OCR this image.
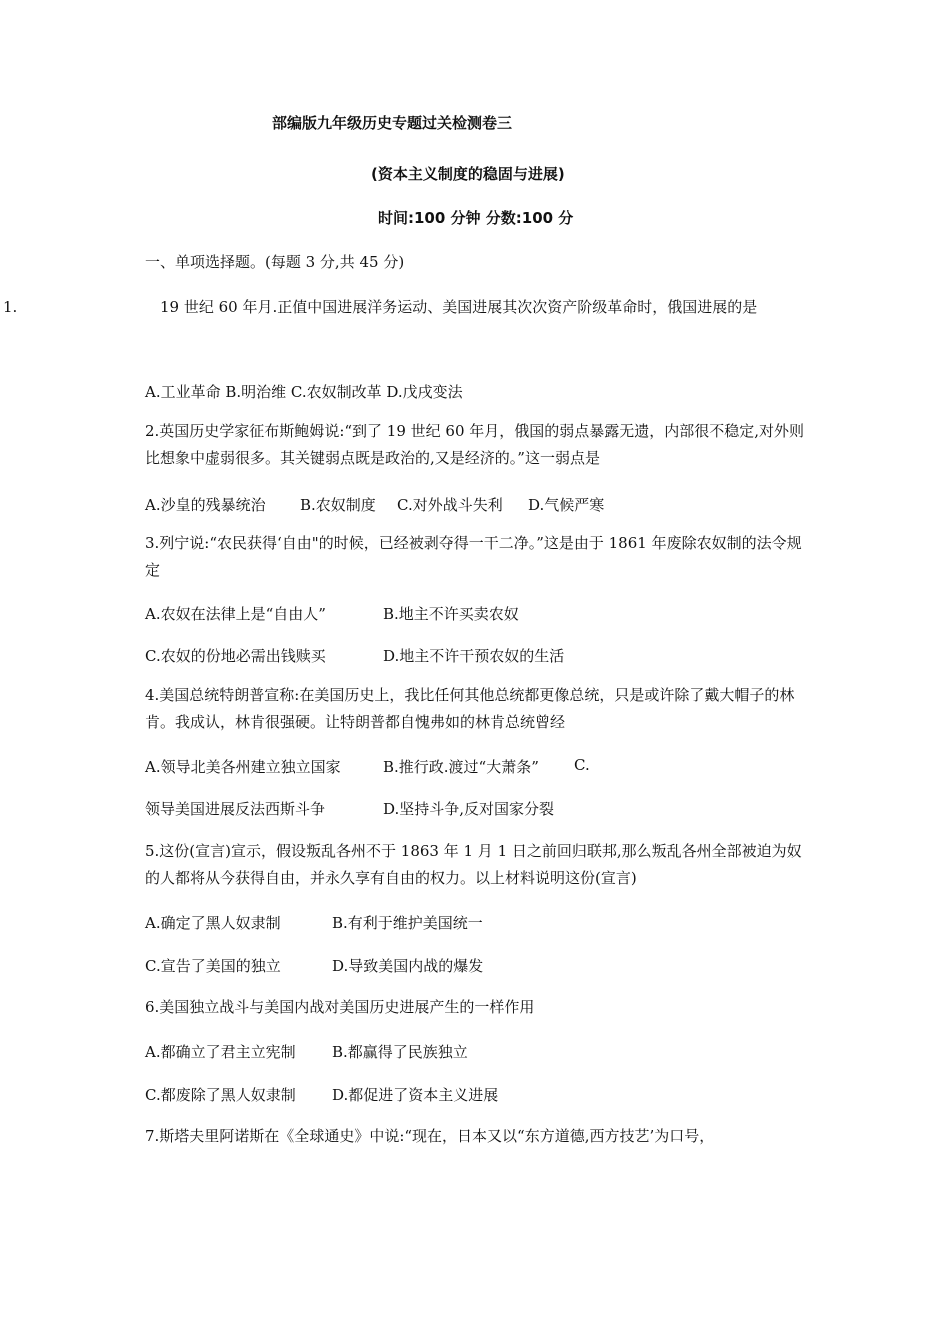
部编版九年级历史专题过关检测卷三
(资本主义制度的稳固与进展)
时间:100 分钟 分数:100 分
一、单项选择题。(每题 3 分,共 45 分)
1.	19 世纪 60 年月.正值中国进展洋务运动、美国进展其次次资产阶级革命时，俄国进展的是
A.工业革命 B.明治维 C.农奴制改革 D.戊戌变法
2.英国历史学家征布斯鲍姆说:“到了 19 世纪 60 年月，俄国的弱点暴露无遗，内部很不稳定,对外则比想象中虚弱很多。其关键弱点既是政治的,又是经济的。”这一弱点是
A.沙皇的残暴统治 B.农奴制度 C.对外战斗失利 D.气候严寒
3.列宁说:“农民获得‘自由"的时候，已经被剥夺得一干二净。”这是由于 1861 年废除农奴制的法令规定
A.农奴在法律上是“自由人”	B.地主不许买卖农奴
C.农奴的份地必需出钱赎买	D.地主不许干预农奴的生活
4.美国总统特朗普宣称:在美国历史上，我比任何其他总统都更像总统，只是或许除了戴大帽子的林肯。我成认，林肯很强硬。让特朗普都自愧弗如的林肯总统曾经
A.领导北美各州建立独立国家	B.推行政.渡过“大萧条” C.
领导美国进展反法西斯斗争	D.坚持斗争,反对国家分裂
5.这份(宣言)宣示，假设叛乱各州不于 1863 年 1 月 1 日之前回归联邦,那么叛乱各州全部被迫为奴的人都将从今获得自由，并永久享有自由的权力。以上材料说明这份(宣言)
A.确定了黑人奴隶制	B.有利于维护美国统一
C.宣告了美国的独立	D.导致美国内战的爆发
6.美国独立战斗与美国内战对美国历史进展产生的一样作用
A.都确立了君主立宪制 B.都赢得了民族独立
C.都废除了黑人奴隶制 D.都促进了资本主义进展
7.斯塔夫里阿诺斯在《全球通史》中说:“现在，日本又以“东方道德,西方技艺’为口号，
